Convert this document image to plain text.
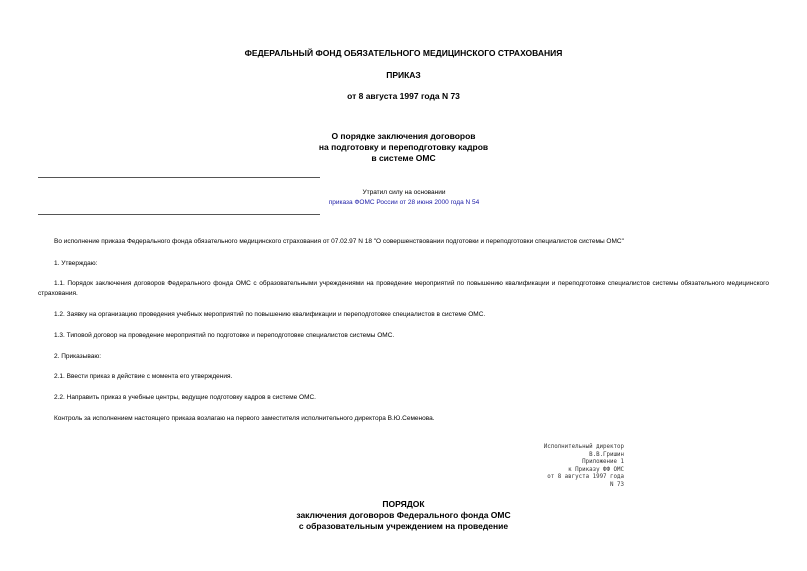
ФЕДЕРАЛЬНЫЙ ФОНД ОБЯЗАТЕЛЬНОГО МЕДИЦИНСКОГО СТРАХОВАНИЯ
ПРИКАЗ
от 8 августа 1997 года N 73
О порядке заключения договоров
на подготовку и переподготовку кадров
в системе ОМС
Утратил силу на основании
приказа ФОМС России от 28 июня 2000 года N 54
Во исполнение приказа Федерального фонда обязательного медицинского страхования от 07.02.97 N 18 "О совершенствовании подготовки и переподготовки специалистов системы ОМС"
1. Утверждаю:
1.1. Порядок заключения договоров Федерального фонда ОМС с образовательными учреждениями на проведение мероприятий по повышению квалификации и переподготовке специалистов системы обязательного медицинского страхования.
1.2. Заявку на организацию проведения учебных мероприятий по повышению квалификации и переподготовке специалистов в системе ОМС.
1.3. Типовой договор на проведение мероприятий по подготовке и переподготовке специалистов системы ОМС.
2. Приказываю:
2.1. Ввести приказ в действие с момента его утверждения.
2.2. Направить приказ в учебные центры, ведущие подготовку кадров в системе ОМС.
Контроль за исполнением настоящего приказа возлагаю на первого заместителя исполнительного директора В.Ю.Семенова.
Исполнительный директор
В.В.Гришин
Приложение 1
к Приказу ФФ ОМС
от 8 августа 1997 года
N 73
ПОРЯДОК
заключения договоров Федерального фонда ОМС
с образовательным учреждением на проведение
